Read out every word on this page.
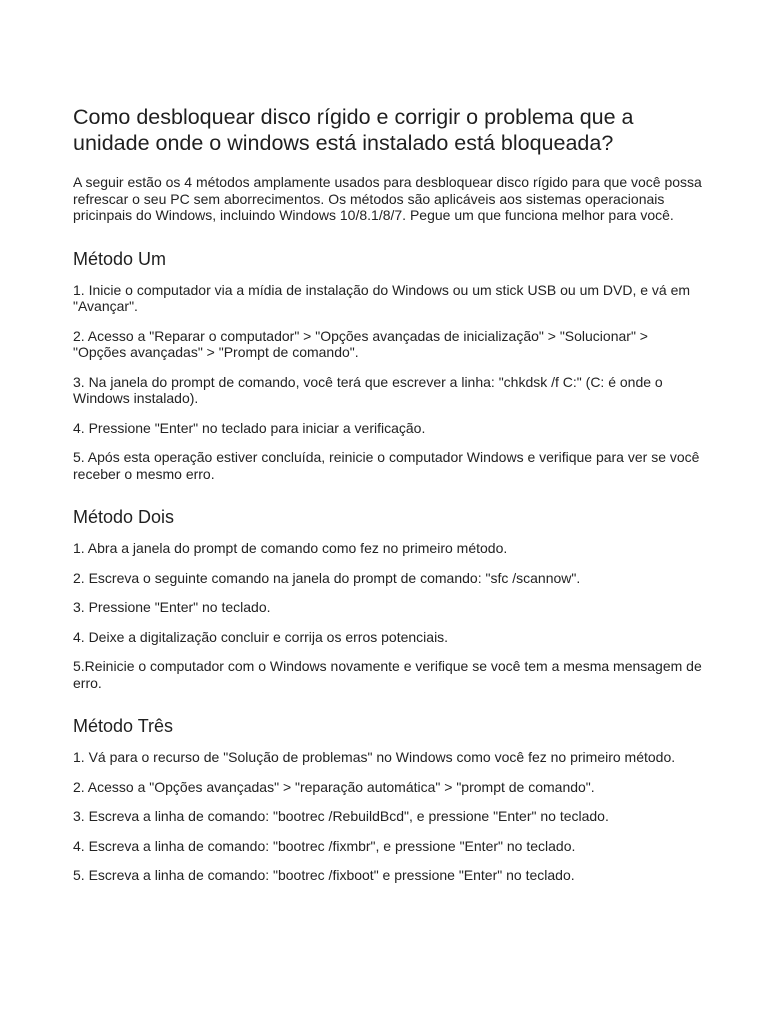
Como desbloquear disco rígido e corrigir o problema que a unidade onde o windows está instalado está bloqueada?

A seguir estão os 4 métodos amplamente usados para desbloquear disco rígido para que você possa refrescar o seu PC sem aborrecimentos. Os métodos são aplicáveis aos sistemas operacionais pricinpais do Windows, incluindo Windows 10/8.1/8/7. Pegue um que funciona melhor para você.

Método Um

1. Inicie o computador via a mídia de instalação do Windows ou um stick USB ou um DVD, e vá em "Avançar".

2. Acesso a "Reparar o computador" > "Opções avançadas de inicialização" > "Solucionar" > "Opções avançadas" > "Prompt de comando".

3. Na janela do prompt de comando, você terá que escrever a linha: "chkdsk /f C:" (C: é onde o Windows instalado).

4. Pressione "Enter" no teclado para iniciar a verificação.

5. Após esta operação estiver concluída, reinicie o computador Windows e verifique para ver se você receber o mesmo erro.

Método Dois

1. Abra a janela do prompt de comando como fez no primeiro método.

2. Escreva o seguinte comando na janela do prompt de comando: "sfc /scannow".

3. Pressione "Enter" no teclado.

4. Deixe a digitalização concluir e corrija os erros potenciais.

5.Reinicie o computador com o Windows novamente e verifique se você tem a mesma mensagem de erro.

Método Três

1. Vá para o recurso de "Solução de problemas" no Windows como você fez no primeiro método.

2. Acesso a "Opções avançadas" > "reparação automática" > "prompt de comando".

3. Escreva a linha de comando: "bootrec /RebuildBcd", e pressione "Enter" no teclado.

4. Escreva a linha de comando: "bootrec /fixmbr", e pressione "Enter" no teclado.

5. Escreva a linha de comando: "bootrec /fixboot" e pressione "Enter" no teclado.
